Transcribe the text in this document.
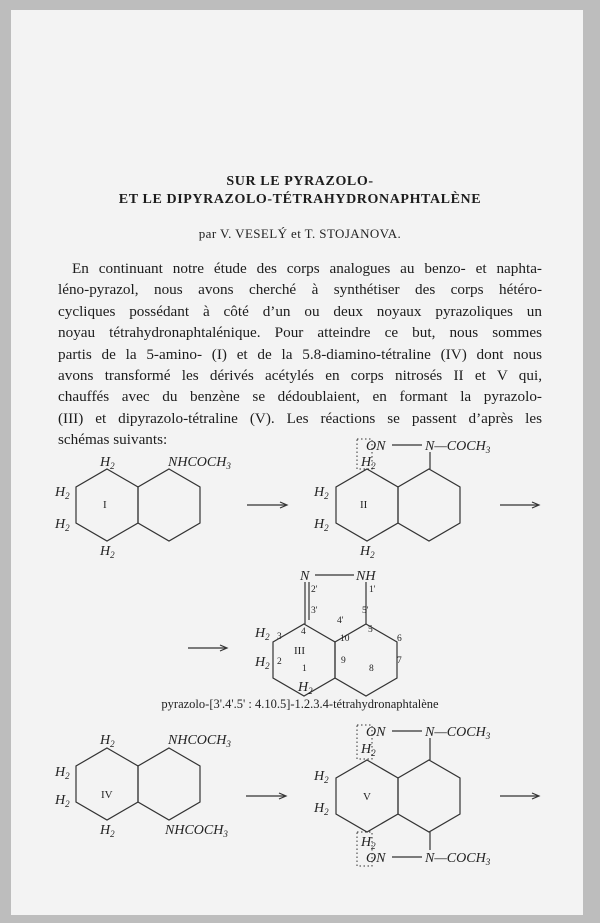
SUR LE PYRAZOLO-
ET LE DIPYRAZOLO-TÉTRAHYDRONAPHTALÈNE
par V. VESELÝ et T. STOJANOVA.
En continuant notre étude des corps analogues au benzo- et naphta-
léno-pyrazol, nous avons cherché à synthétiser des corps hétéro-
cycliques possédant à côté d’un ou deux noyaux pyrazoliques un
noyau tétrahydronaphtalénique. Pour atteindre ce but, nous sommes
partis de la 5-amino- (I) et de la 5.8-diamino-tétraline (IV) dont nous
avons transformé les dérivés acétylés en corps nitrosés II et V qui,
chauffés avec du benzène se dédoublaient, en formant la pyrazolo-
(III) et dipyrazolo-tétraline (V). Les réactions se passent d’après les
schémas suivants:
$H_2$
$H_2$
$H_2$
$H_2$
$NHCOCH_3$
I
ON	$N—COCH_3$
$H_2$
$H_2$
$H_2$
$H_2$
II
N	NH
2'	1'
3'
4'
5'
4
3	10
5
6
2
1
9
8
7
III
$H_2$
$H_2$
$H_2$
$H_2$	$NHCOCH_3$
$H_2$
$H_2$
$H_2$	$NHCOCH_3$
IV
ON	$N—COCH_3$
$H_2$
$H_2$
$H_2$
$H_2$
ON	$N—COCH_3$
V
pyrazolo-[3'.4'.5' : 4.10.5]-1.2.3.4-tétrahydronaphtalène
